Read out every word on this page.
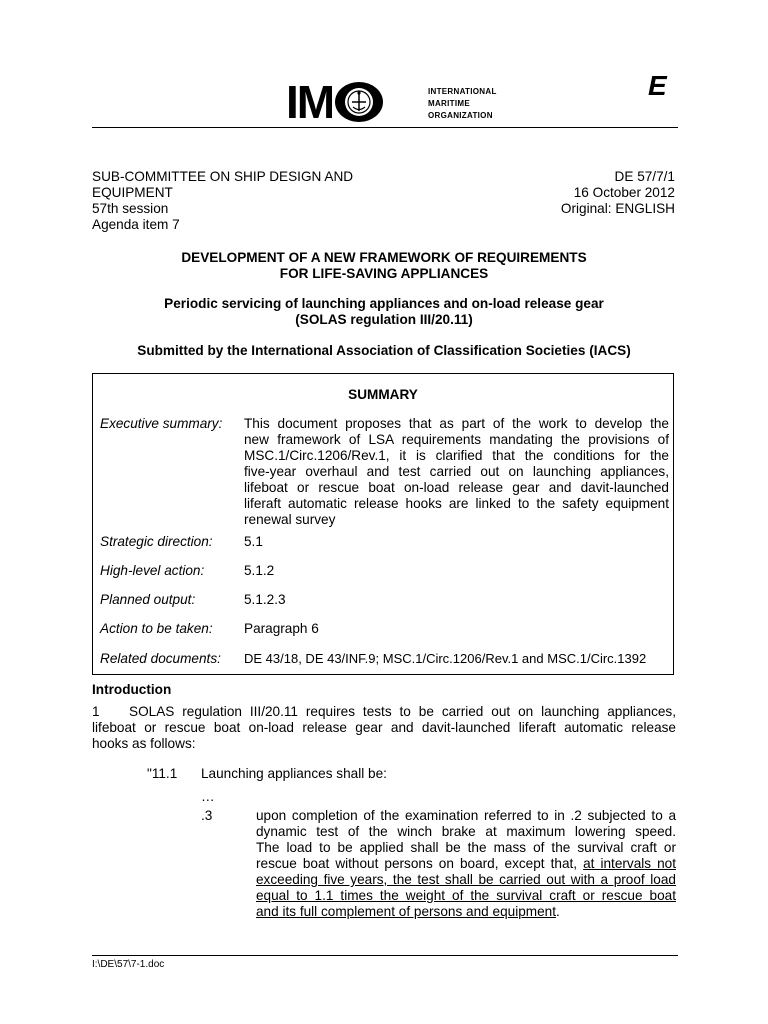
IM	INTERNATIONAL
MARITIME
ORGANIZATION
E
SUB-COMMITTEE ON SHIP DESIGN AND
EQUIPMENT
57th session
Agenda item 7
DE 57/7/1
16 October 2012
Original: ENGLISH
DEVELOPMENT OF A NEW FRAMEWORK OF REQUIREMENTS
FOR LIFE-SAVING APPLIANCES
Periodic servicing of launching appliances and on-load release gear
(SOLAS regulation III/20.11)
Submitted by the International Association of Classification Societies (IACS)
SUMMARY
Executive summary: This document proposes that as part of the work to develop the
new framework of LSA requirements mandating the provisions of
MSC.1/Circ.1206/Rev.1, it is clarified that the conditions for the
five-year overhaul and test carried out on launching appliances,
lifeboat or rescue boat on-load release gear and davit-launched
liferaft automatic release hooks are linked to the safety equipment
renewal survey
Strategic direction: 5.1
High-level action:	5.1.2
Planned output:	5.1.2.3
Action to be taken: Paragraph 6
Related documents: DE 43/18, DE 43/INF.9; MSC.1/Circ.1206/Rev.1 and MSC.1/Circ.1392
Introduction
1	SOLAS regulation III/20.11 requires tests to be carried out on launching appliances,
lifeboat or rescue boat on-load release gear and davit-launched liferaft automatic release
hooks as follows:
"11.1 Launching appliances shall be:
…
.3	upon completion of the examination referred to in .2 subjected to a
dynamic test of the winch brake at maximum lowering speed.
The load to be applied shall be the mass of the survival craft or
rescue boat without persons on board, except that, at intervals not
exceeding five years, the test shall be carried out with a proof load
equal to 1.1 times the weight of the survival craft or rescue boat
and its full complement of persons and equipment.
I:\DE\57\7-1.doc
